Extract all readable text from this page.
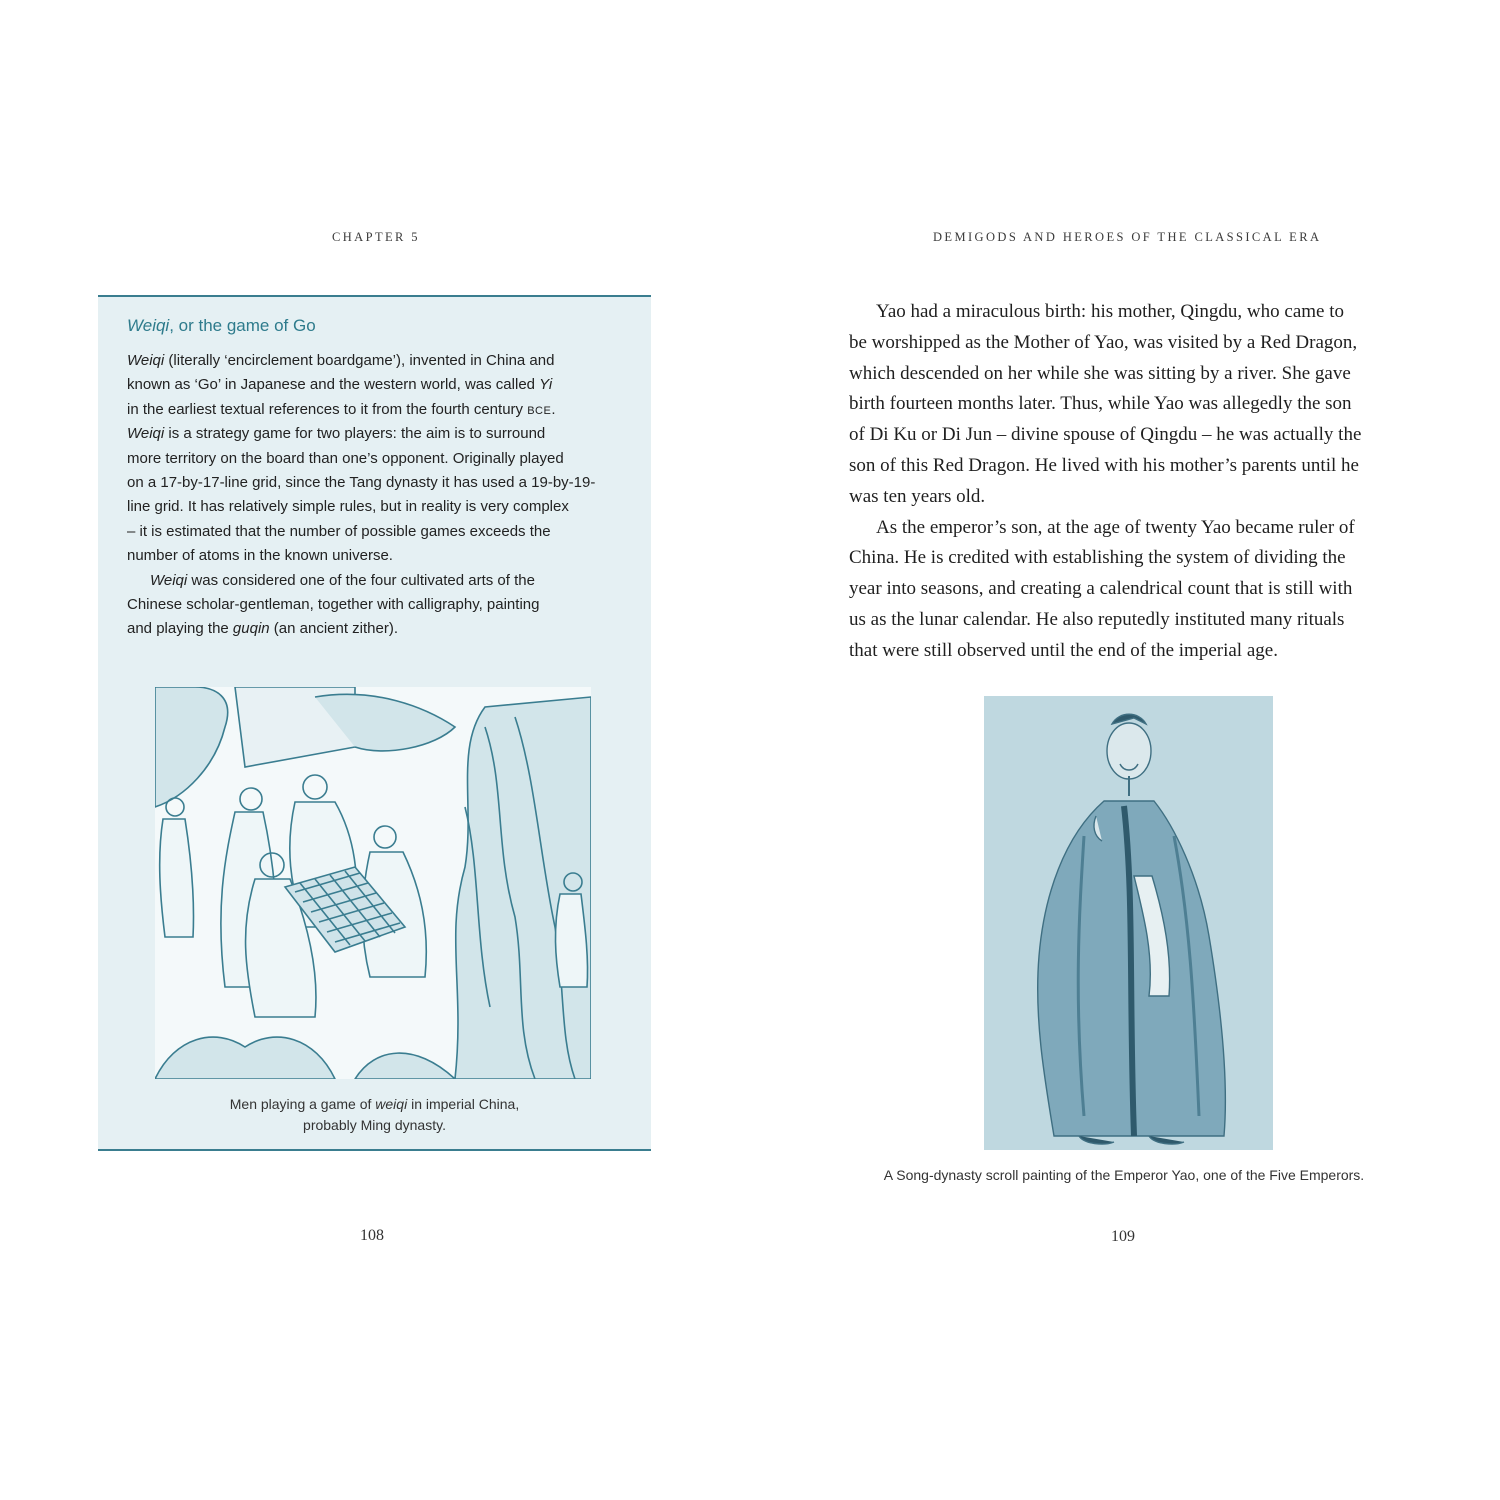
CHAPTER 5
Weiqi, or the game of Go
Weiqi (literally ‘encirclement boardgame’), invented in China and
known as ‘Go’ in Japanese and the western world, was called Yi
in the earliest textual references to it from the fourth century bce.
Weiqi is a strategy game for two players: the aim is to surround
more territory on the board than one’s opponent. Originally played
on a 17-by-17-line grid, since the Tang dynasty it has used a 19-by-19-
line grid. It has relatively simple rules, but in reality is very complex
– it is estimated that the number of possible games exceeds the
number of atoms in the known universe.
Weiqi was considered one of the four cultivated arts of the
Chinese scholar-gentleman, together with calligraphy, painting
and playing the guqin (an ancient zither).
Men playing a game of weiqi in imperial China,
probably Ming dynasty.
108
DEMIGODS AND HEROES OF THE CLASSICAL ERA
Yao had a miraculous birth: his mother, Qingdu, who came to
be worshipped as the Mother of Yao, was visited by a Red Dragon,
which descended on her while she was sitting by a river. She gave
birth fourteen months later. Thus, while Yao was allegedly the son
of Di Ku or Di Jun – divine spouse of Qingdu – he was actually the
son of this Red Dragon. He lived with his mother’s parents until he
was ten years old.
As the emperor’s son, at the age of twenty Yao became ruler of
China. He is credited with establishing the system of dividing the
year into seasons, and creating a calendrical count that is still with
us as the lunar calendar. He also reputedly instituted many rituals
that were still observed until the end of the imperial age.
A Song-dynasty scroll painting of the Emperor Yao, one of the Five Emperors.
109
